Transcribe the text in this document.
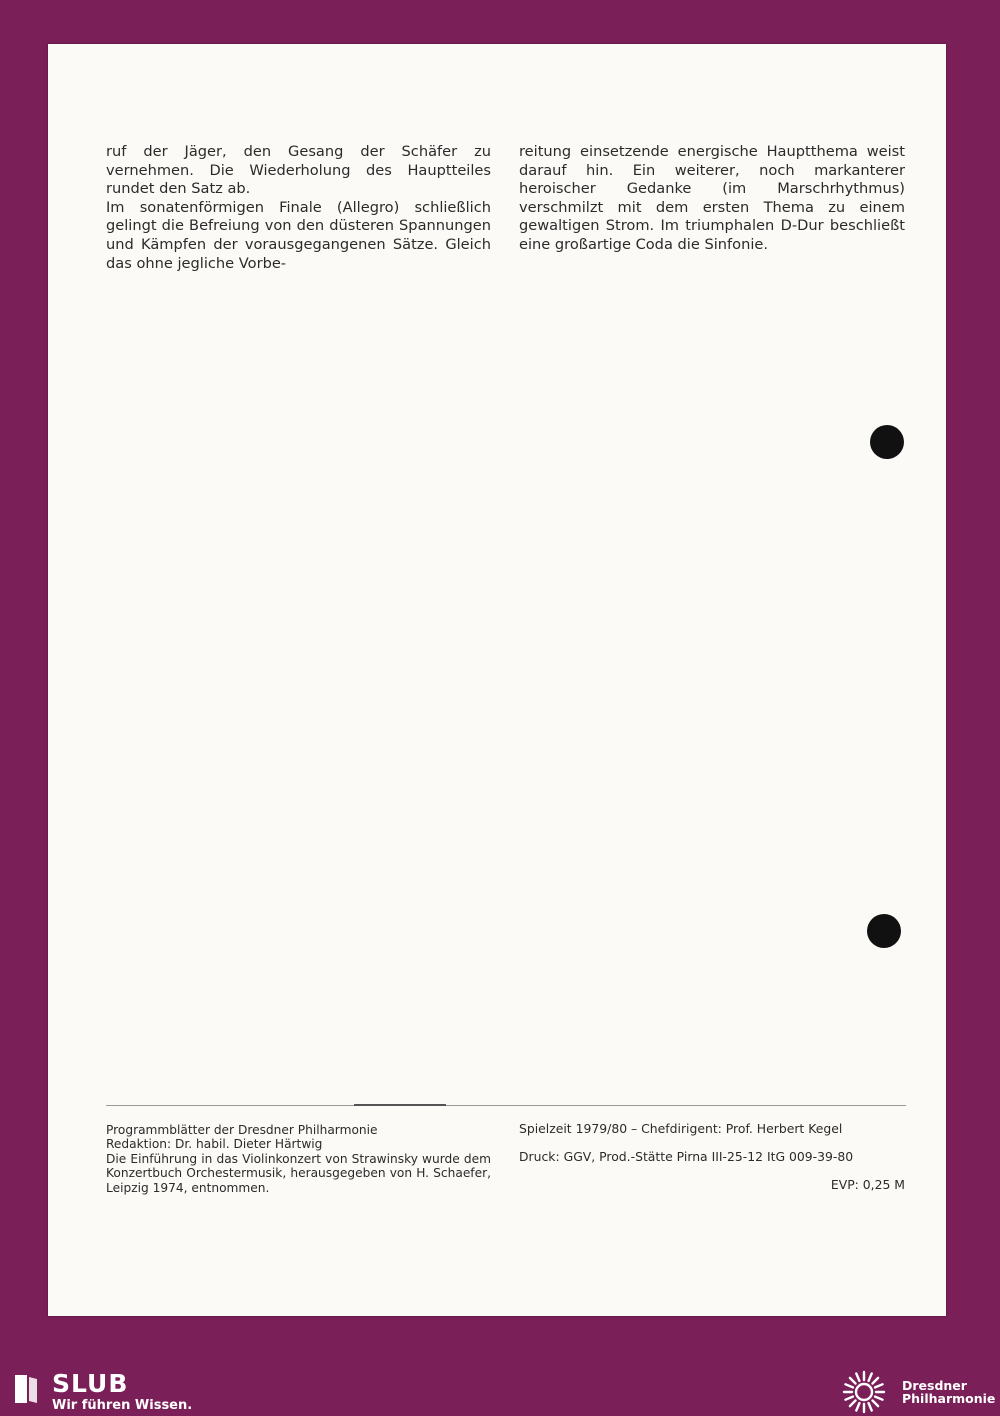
ruf der Jäger, den Gesang der Schäfer zu vernehmen. Die Wiederholung des Hauptteiles rundet den Satz ab.

Im sonatenförmigen Finale (Allegro) schließlich gelingt die Befreiung von den düsteren Spannungen und Kämpfen der vorausgegangenen Sätze. Gleich das ohne jegliche Vorbe-

reitung einsetzende energische Hauptthema weist darauf hin. Ein weiterer, noch markanterer heroischer Gedanke (im Marschrhythmus) verschmilzt mit dem ersten Thema zu einem gewaltigen Strom. Im triumphalen D-Dur beschließt eine großartige Coda die Sinfonie.

Programmblätter der Dresdner Philharmonie
Redaktion: Dr. habil. Dieter Härtwig
Die Einführung in das Violinkonzert von Strawinsky wurde dem Konzertbuch Orchestermusik, herausgegeben von H. Schaefer, Leipzig 1974, entnommen.
Spielzeit 1979/80 – Chefdirigent: Prof. Herbert Kegel
Druck: GGV, Prod.-Stätte Pirna III-25-12 ItG 009-39-80
EVP: 0,25 M
SLUB
Wir führen Wissen.
Dresdner
Philharmonie
